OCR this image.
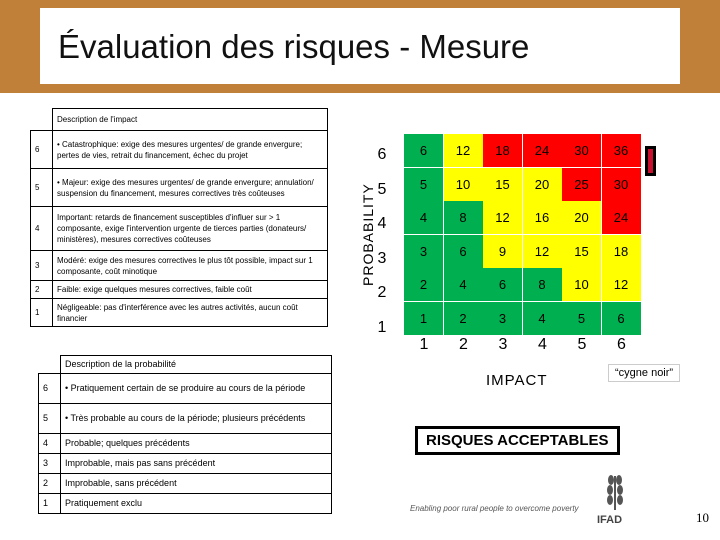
Évaluation des risques - Mesure
	Description de l'impact
6	• Catastrophique: exige des mesures urgentes/ de grande envergure; pertes de vies, retrait du financement, échec du projet
5	• Majeur: exige des mesures urgentes/ de grande envergure; annulation/ suspension du financement, mesures correctives très coûteuses
4	Important: retards de financement susceptibles d'influer sur > 1 composante, exige l'intervention urgente de tierces parties (donateurs/ ministères), mesures correctives coûteuses
3	Modéré: exige des mesures correctives le plus tôt possible, impact sur 1 composante, coût minotique
2	Faible: exige quelques mesures correctives, faible coût
1	Négligeable: pas d'interférence avec les autres activités, aucun coût financier
	Description de la probabilité
6	• Pratiquement certain de se produire au cours de la période
5	• Très probable au cours de la période; plusieurs précédents
4	Probable; quelques précédents
3	Improbable, mais pas sans précédent
2	Improbable, sans précédent
1	Pratiquement exclu
PROBABILITY
6
5
4
3
2
1
1	2	3	4	5	6
6	12	18	24	30	36
5	10	15	20	25	30
4	8	12	16	20	24
3	6	9	12	15	18
2	4	6	8	10	12
1	2	3	4	5	6
IMPACT	“cygne noir”
RISQUES ACCEPTABLES
Enabling poor rural people to overcome poverty
IFAD	10
